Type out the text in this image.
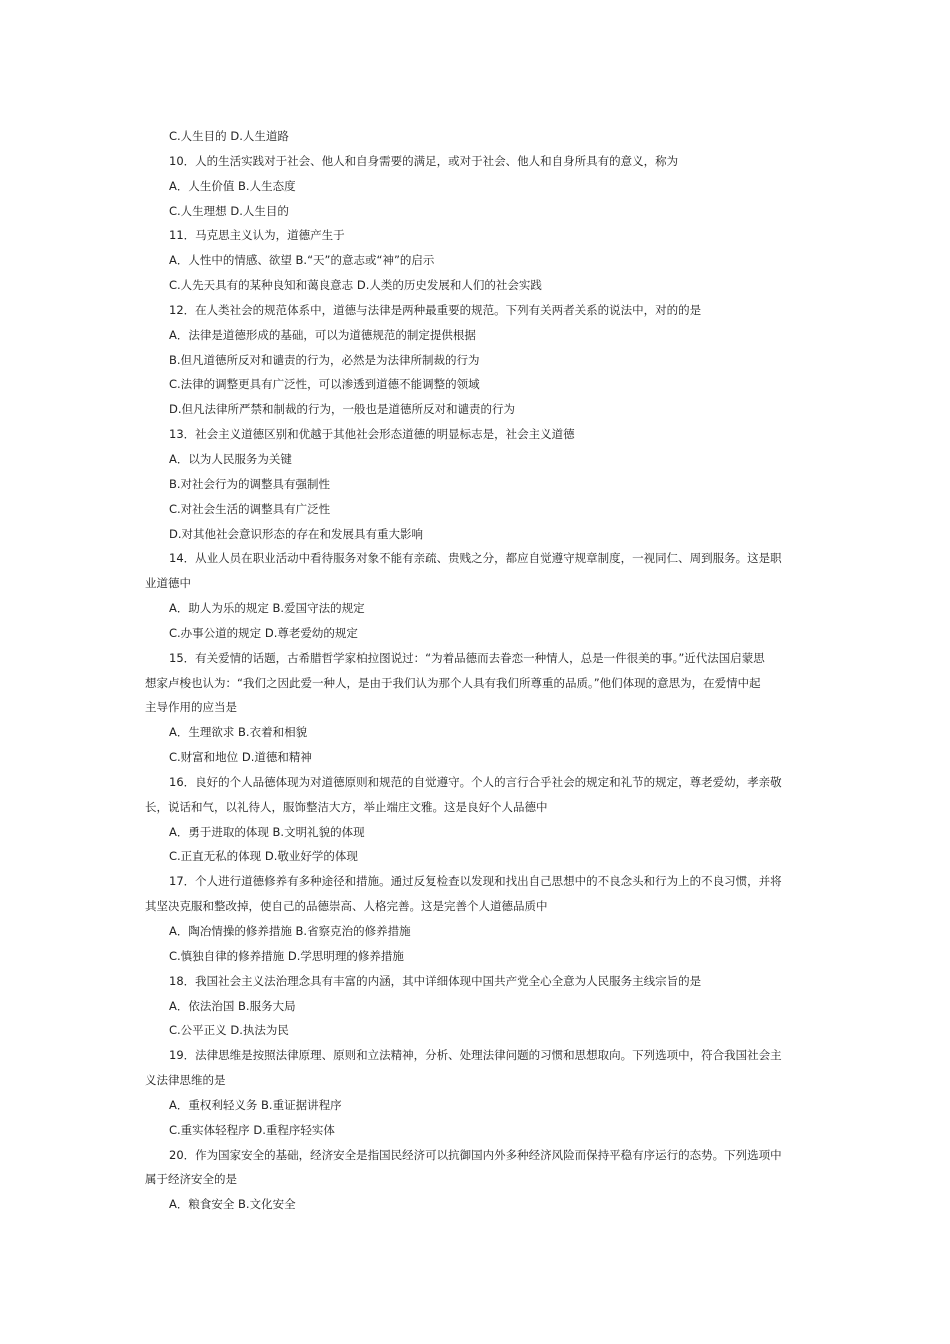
C.人生目的 D.人生道路
10．人的生活实践对于社会、他人和自身需要的满足，或对于社会、他人和自身所具有的意义，称为
A．人生价值 B.人生态度
C.人生理想 D.人生目的
11．马克思主义认为，道德产生于
A．人性中的情感、欲望 B.“天”的意志或“神”的启示
C.人先天具有的某种良知和蔼良意志 D.人类的历史发展和人们的社会实践
12．在人类社会的规范体系中，道德与法律是两种最重要的规范。下列有关两者关系的说法中，对的的是
A．法律是道德形成的基础，可以为道德规范的制定提供根据
B.但凡道德所反对和谴责的行为，必然是为法律所制裁的行为
C.法律的调整更具有广泛性，可以渗透到道德不能调整的领域
D.但凡法律所严禁和制裁的行为，一般也是道德所反对和谴责的行为
13．社会主义道德区别和优越于其他社会形态道德的明显标志是，社会主义道德
A．以为人民服务为关键
B.对社会行为的调整具有强制性
C.对社会生活的调整具有广泛性
D.对其他社会意识形态的存在和发展具有重大影响
14．从业人员在职业活动中看待服务对象不能有亲疏、贵贱之分，都应自觉遵守规章制度，一视同仁、周到服务。这是职
业道德中
A．助人为乐的规定 B.爱国守法的规定
C.办事公道的规定 D.尊老爱幼的规定
15．有关爱情的话题，古希腊哲学家柏拉图说过：“为着品德而去眷恋一种情人，总是一件很美的事。”近代法国启蒙思
想家卢梭也认为：“我们之因此爱一种人，是由于我们认为那个人具有我们所尊重的品质。”他们体现的意思为，在爱情中起
主导作用的应当是
A．生理欲求 B.衣着和相貌
C.财富和地位 D.道德和精神
16．良好的个人品德体现为对道德原则和规范的自觉遵守。个人的言行合乎社会的规定和礼节的规定，尊老爱幼，孝亲敬
长，说话和气，以礼待人，服饰整洁大方，举止端庄文雅。这是良好个人品德中
A．勇于进取的体现 B.文明礼貌的体现
C.正直无私的体现 D.敬业好学的体现
17．个人进行道德修养有多种途径和措施。通过反复检查以发现和找出自己思想中的不良念头和行为上的不良习惯，并将
其坚决克服和整改掉，使自己的品德崇高、人格完善。这是完善个人道德品质中
A．陶冶情操的修养措施 B.省察克治的修养措施
C.慎独自律的修养措施 D.学思明理的修养措施
18．我国社会主义法治理念具有丰富的内涵，其中详细体现中国共产党全心全意为人民服务主线宗旨的是
A．依法治国 B.服务大局
C.公平正义 D.执法为民
19．法律思维是按照法律原理、原则和立法精神，分析、处理法律问题的习惯和思想取向。下列选项中，符合我国社会主
义法律思维的是
A．重权利轻义务 B.重证据讲程序
C.重实体轻程序 D.重程序轻实体
20．作为国家安全的基础，经济安全是指国民经济可以抗御国内外多种经济风险而保持平稳有序运行的态势。下列选项中
属于经济安全的是
A．粮食安全 B.文化安全
